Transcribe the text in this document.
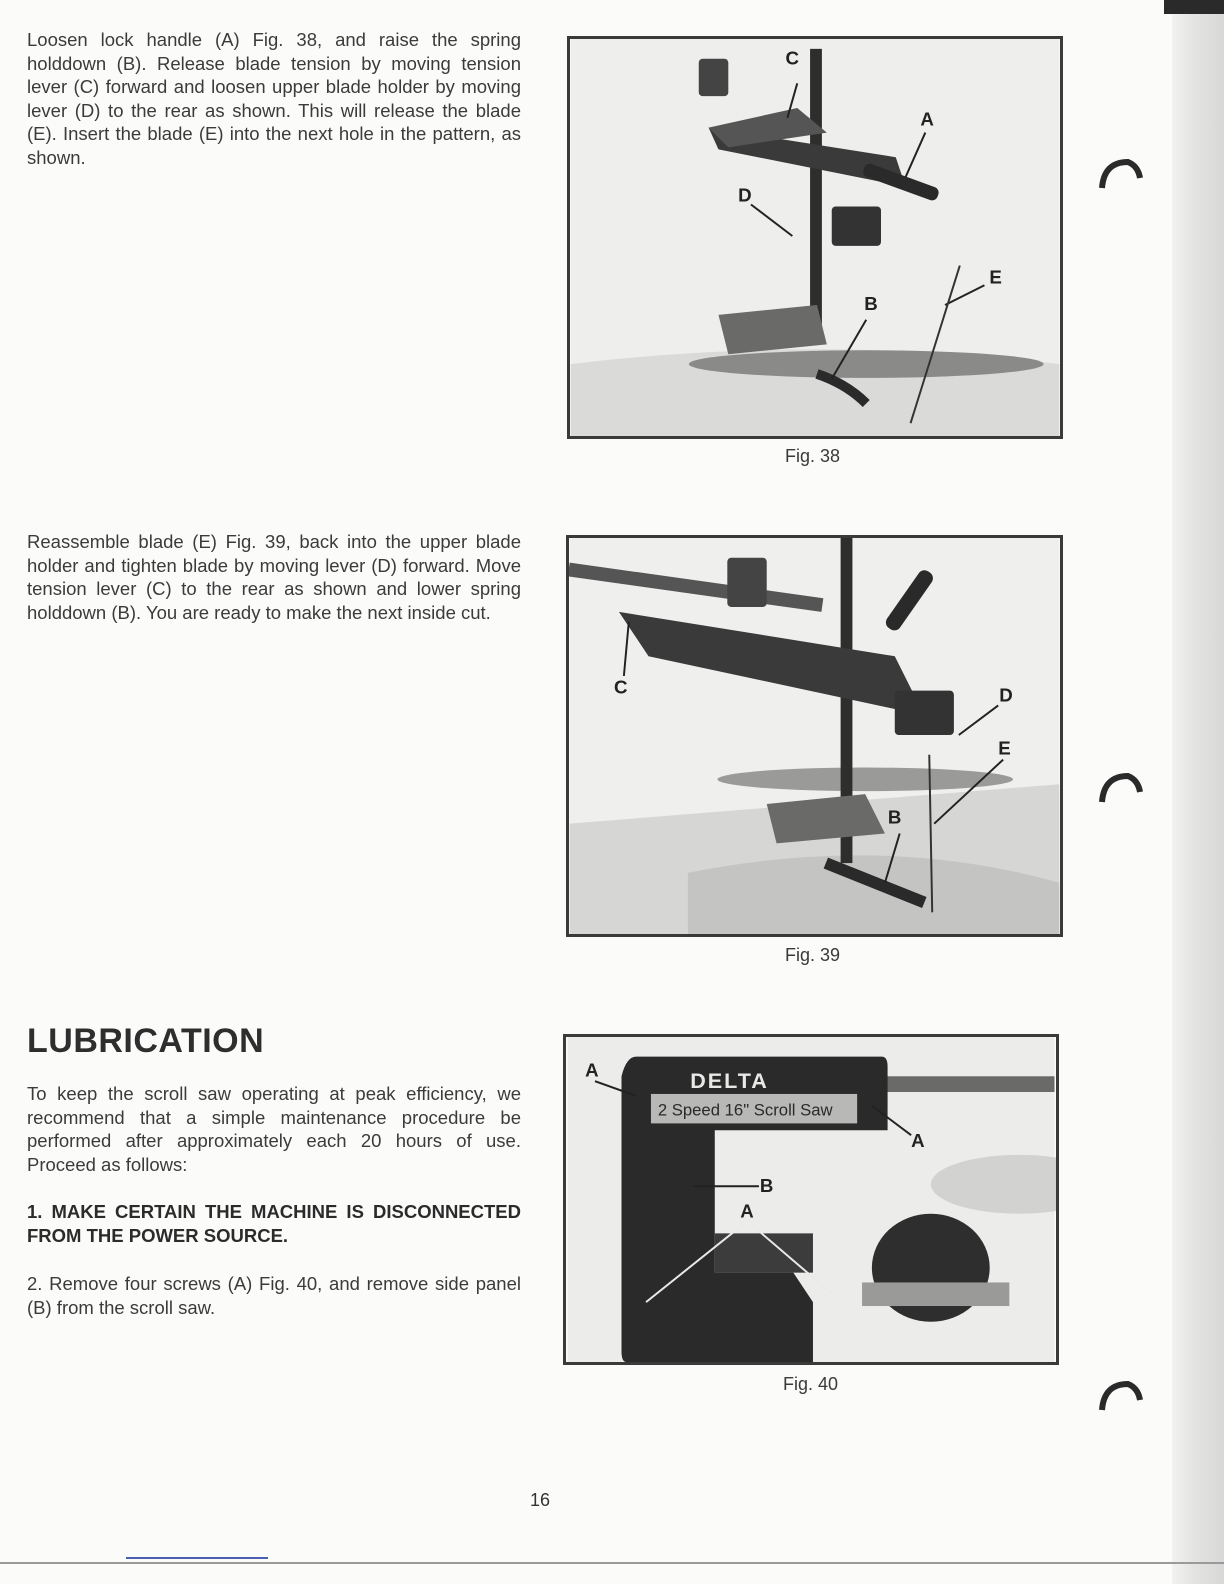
Loosen lock handle (A) Fig. 38, and raise the spring holddown (B). Release blade tension by moving tension lever (C) forward and loosen upper blade holder by moving lever (D) to the rear as shown. This will release the blade (E). Insert the blade (E) into the next hole in the pattern, as shown.
C
A
D
B
E
Fig. 38
Reassemble blade (E) Fig. 39, back into the upper blade holder and tighten blade by moving lever (D) forward. Move tension lever (C) to the rear as shown and lower spring holddown (B). You are ready to make the next inside cut.
C	D
E
B
Fig. 39
LUBRICATION
To keep the scroll saw operating at peak efficiency, we recommend that a simple maintenance procedure be performed after approximately each 20 hours of use. Proceed as follows:
1. MAKE CERTAIN THE MACHINE IS DISCONNECTED FROM THE POWER SOURCE.
2. Remove four screws (A) Fig. 40, and remove side panel (B) from the scroll saw.
DELTA
2 Speed 16" Scroll Saw
A
A
B
A
Fig. 40
16
